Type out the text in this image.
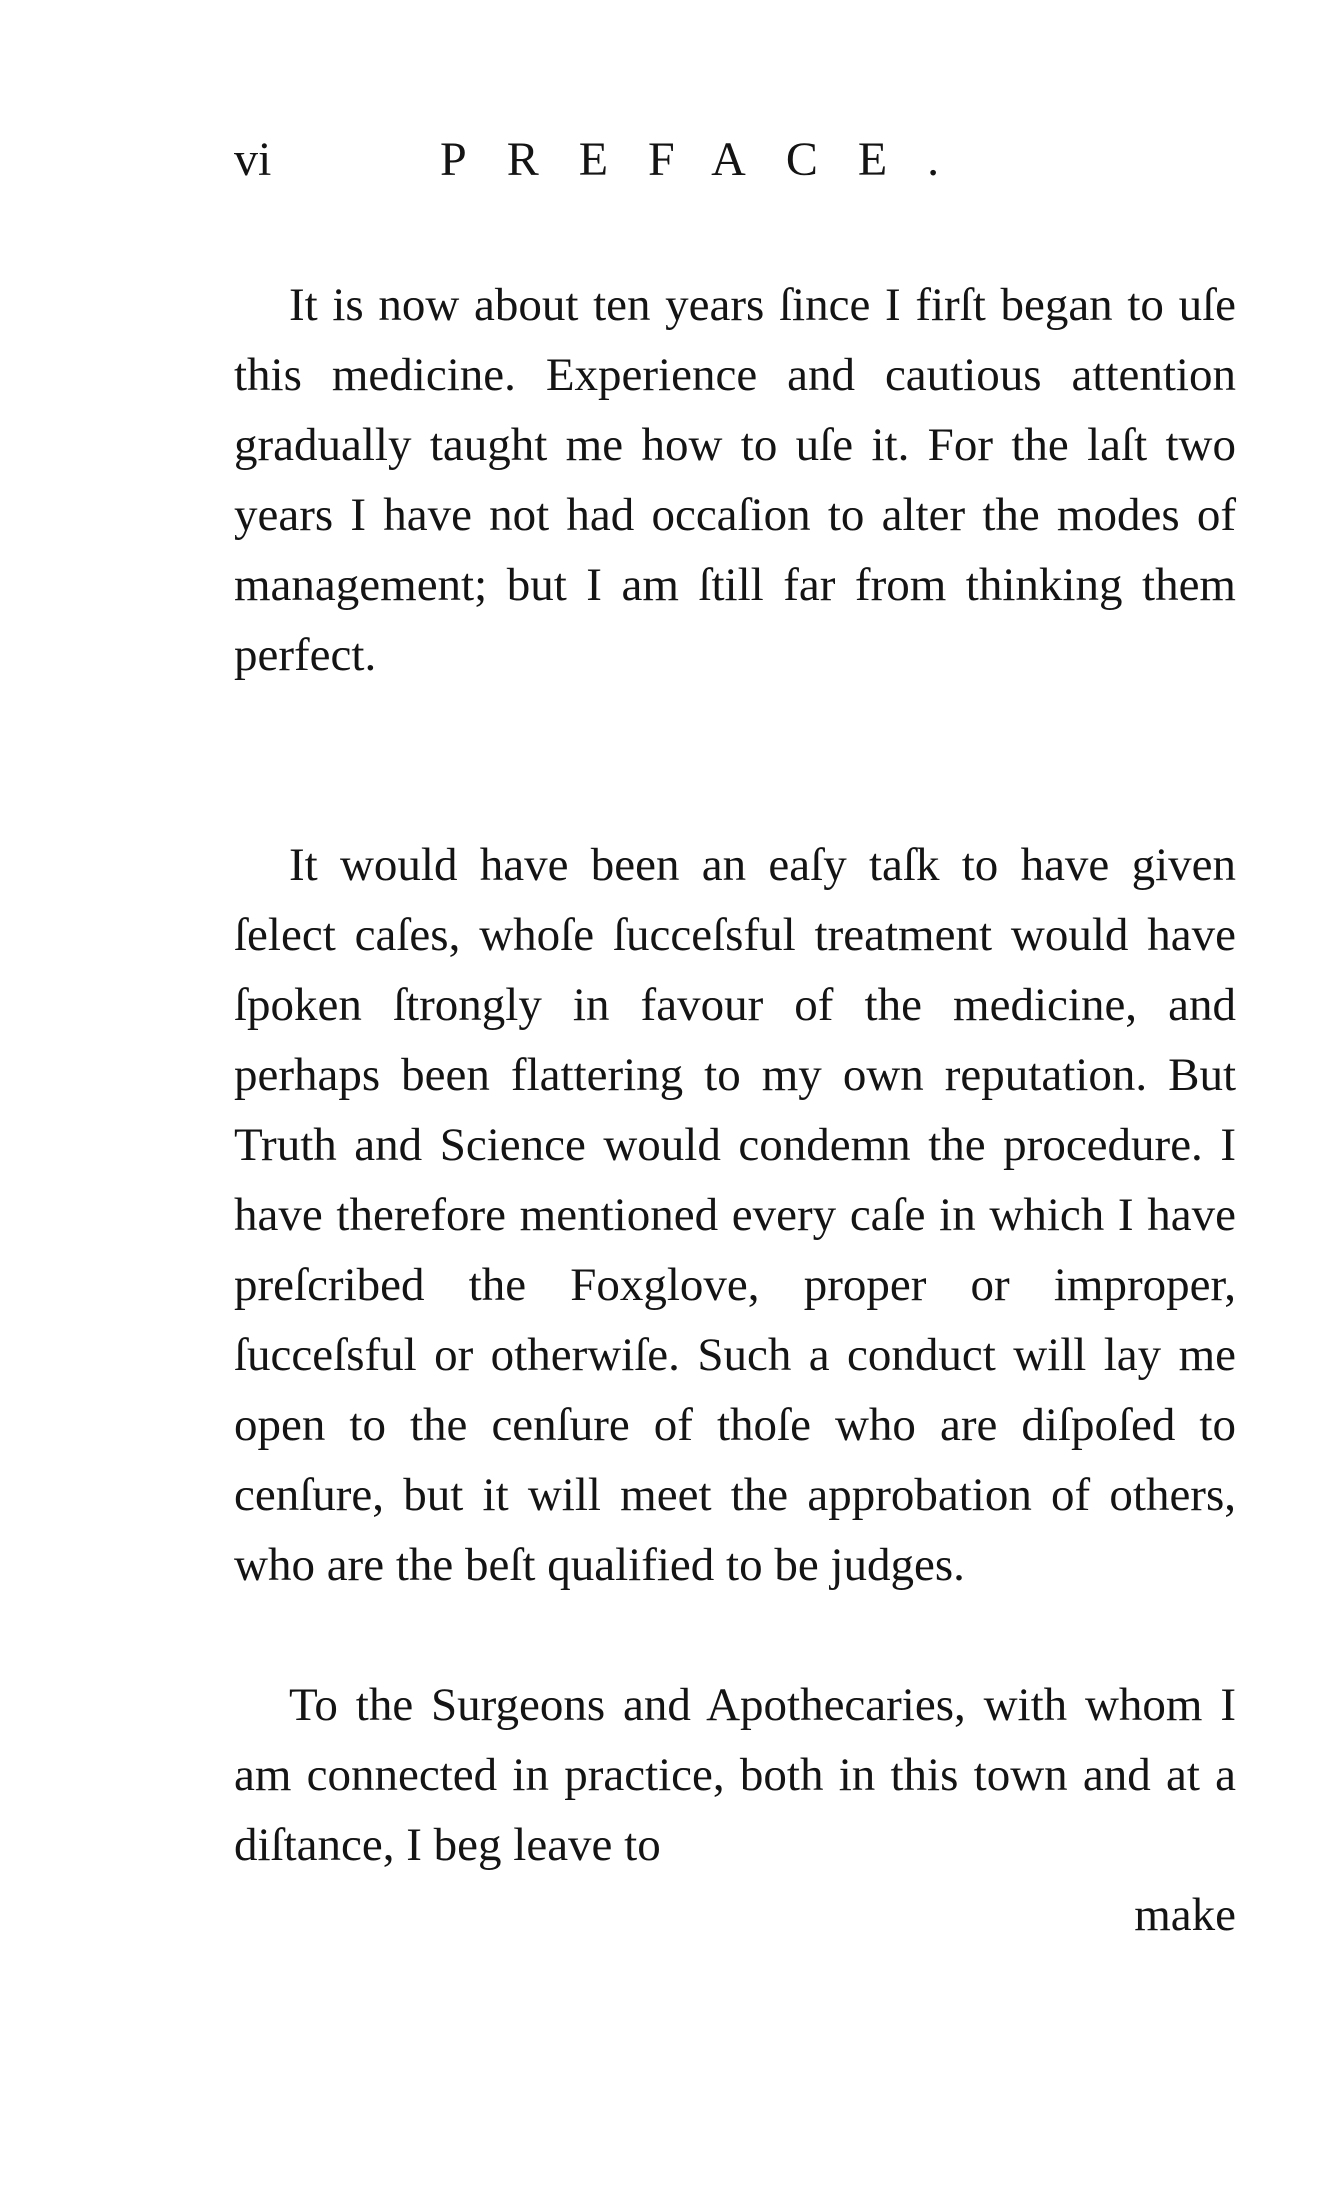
vi	PREFACE.

It is now about ten years ſince I firſt began to uſe this medicine. Experience and cautious attention gradually taught me how to uſe it. For the laſt two years I have not had occaſion to alter the modes of management; but I am ſtill far from thinking them perfect.

It would have been an eaſy taſk to have given ſelect caſes, whoſe ſucceſsful treatment would have ſpoken ſtrongly in favour of the medicine, and perhaps been flattering to my own reputation. But Truth and Science would condemn the procedure. I have therefore mentioned every caſe in which I have preſcribed the Foxglove, proper or improper, ſucceſsful or otherwiſe. Such a conduct will lay me open to the cenſure of thoſe who are diſpoſed to cenſure, but it will meet the approbation of others, who are the beſt qualified to be judges.

To the Surgeons and Apothecaries, with whom I am connected in practice, both in this town and at a diſtance, I beg leave to

make
